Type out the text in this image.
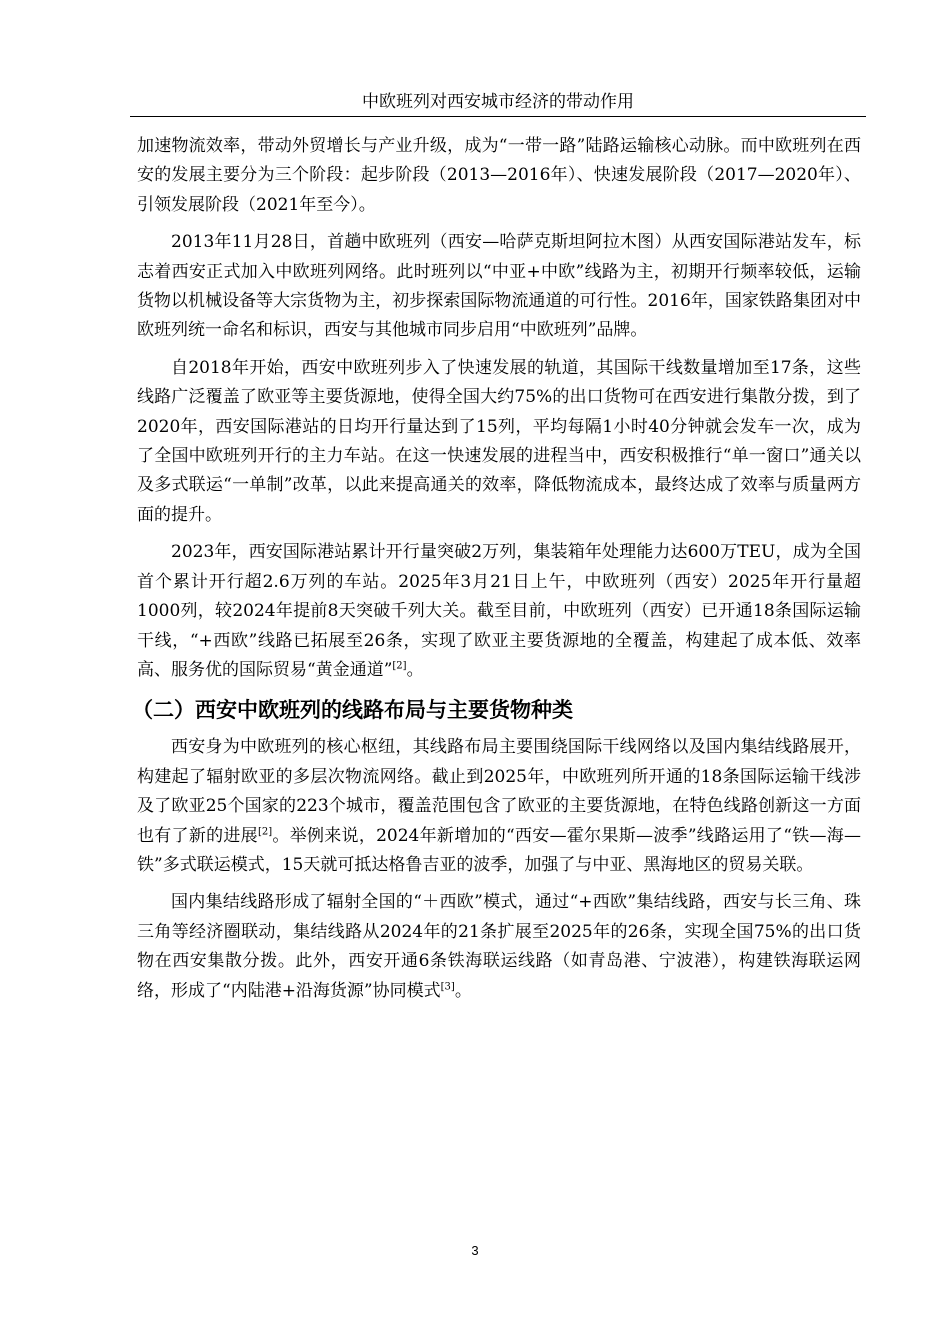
中欧班列对西安城市经济的带动作用

加速物流效率，带动外贸增长与产业升级，成为“一带一路”陆路运输核心动脉。而中欧班列在西安的发展主要分为三个阶段：起步阶段（2013—2016年）、快速发展阶段（2017—2020年）、引领发展阶段（2021年至今）。

2013年11月28日，首趟中欧班列（西安—哈萨克斯坦阿拉木图）从西安国际港站发车，标志着西安正式加入中欧班列网络。此时班列以“中亚+中欧”线路为主，初期开行频率较低，运输货物以机械设备等大宗货物为主，初步探索国际物流通道的可行性。2016年，国家铁路集团对中欧班列统一命名和标识，西安与其他城市同步启用“中欧班列”品牌。

自2018年开始，西安中欧班列步入了快速发展的轨道，其国际干线数量增加至17条，这些线路广泛覆盖了欧亚等主要货源地，使得全国大约75%的出口货物可在西安进行集散分拨，到了2020年，西安国际港站的日均开行量达到了15列，平均每隔1小时40分钟就会发车一次，成为了全国中欧班列开行的主力车站。在这一快速发展的进程当中，西安积极推行“单一窗口”通关以及多式联运“一单制”改革，以此来提高通关的效率，降低物流成本，最终达成了效率与质量两方面的提升。

2023年，西安国际港站累计开行量突破2万列，集装箱年处理能力达600万TEU，成为全国首个累计开行超2.6万列的车站。2025年3月21日上午，中欧班列（西安）2025年开行量超1000列，较2024年提前8天突破千列大关。截至目前，中欧班列（西安）已开通18条国际运输干线，“+西欧”线路已拓展至26条，实现了欧亚主要货源地的全覆盖，构建起了成本低、效率高、服务优的国际贸易“黄金通道”[2]。

（二）西安中欧班列的线路布局与主要货物种类

西安身为中欧班列的核心枢纽，其线路布局主要围绕国际干线网络以及国内集结线路展开，构建起了辐射欧亚的多层次物流网络。截止到2025年，中欧班列所开通的18条国际运输干线涉及了欧亚25个国家的223个城市，覆盖范围包含了欧亚的主要货源地，在特色线路创新这一方面也有了新的进展[2]。举例来说，2024年新增加的“西安—霍尔果斯—波季”线路运用了“铁—海—铁”多式联运模式，15天就可抵达格鲁吉亚的波季，加强了与中亚、黑海地区的贸易关联。

国内集结线路形成了辐射全国的“＋西欧”模式，通过“+西欧”集结线路，西安与长三角、珠三角等经济圈联动，集结线路从2024年的21条扩展至2025年的26条，实现全国75%的出口货物在西安集散分拨。此外，西安开通6条铁海联运线路（如青岛港、宁波港），构建铁海联运网络，形成了“内陆港+沿海货源”协同模式[3]。

3
